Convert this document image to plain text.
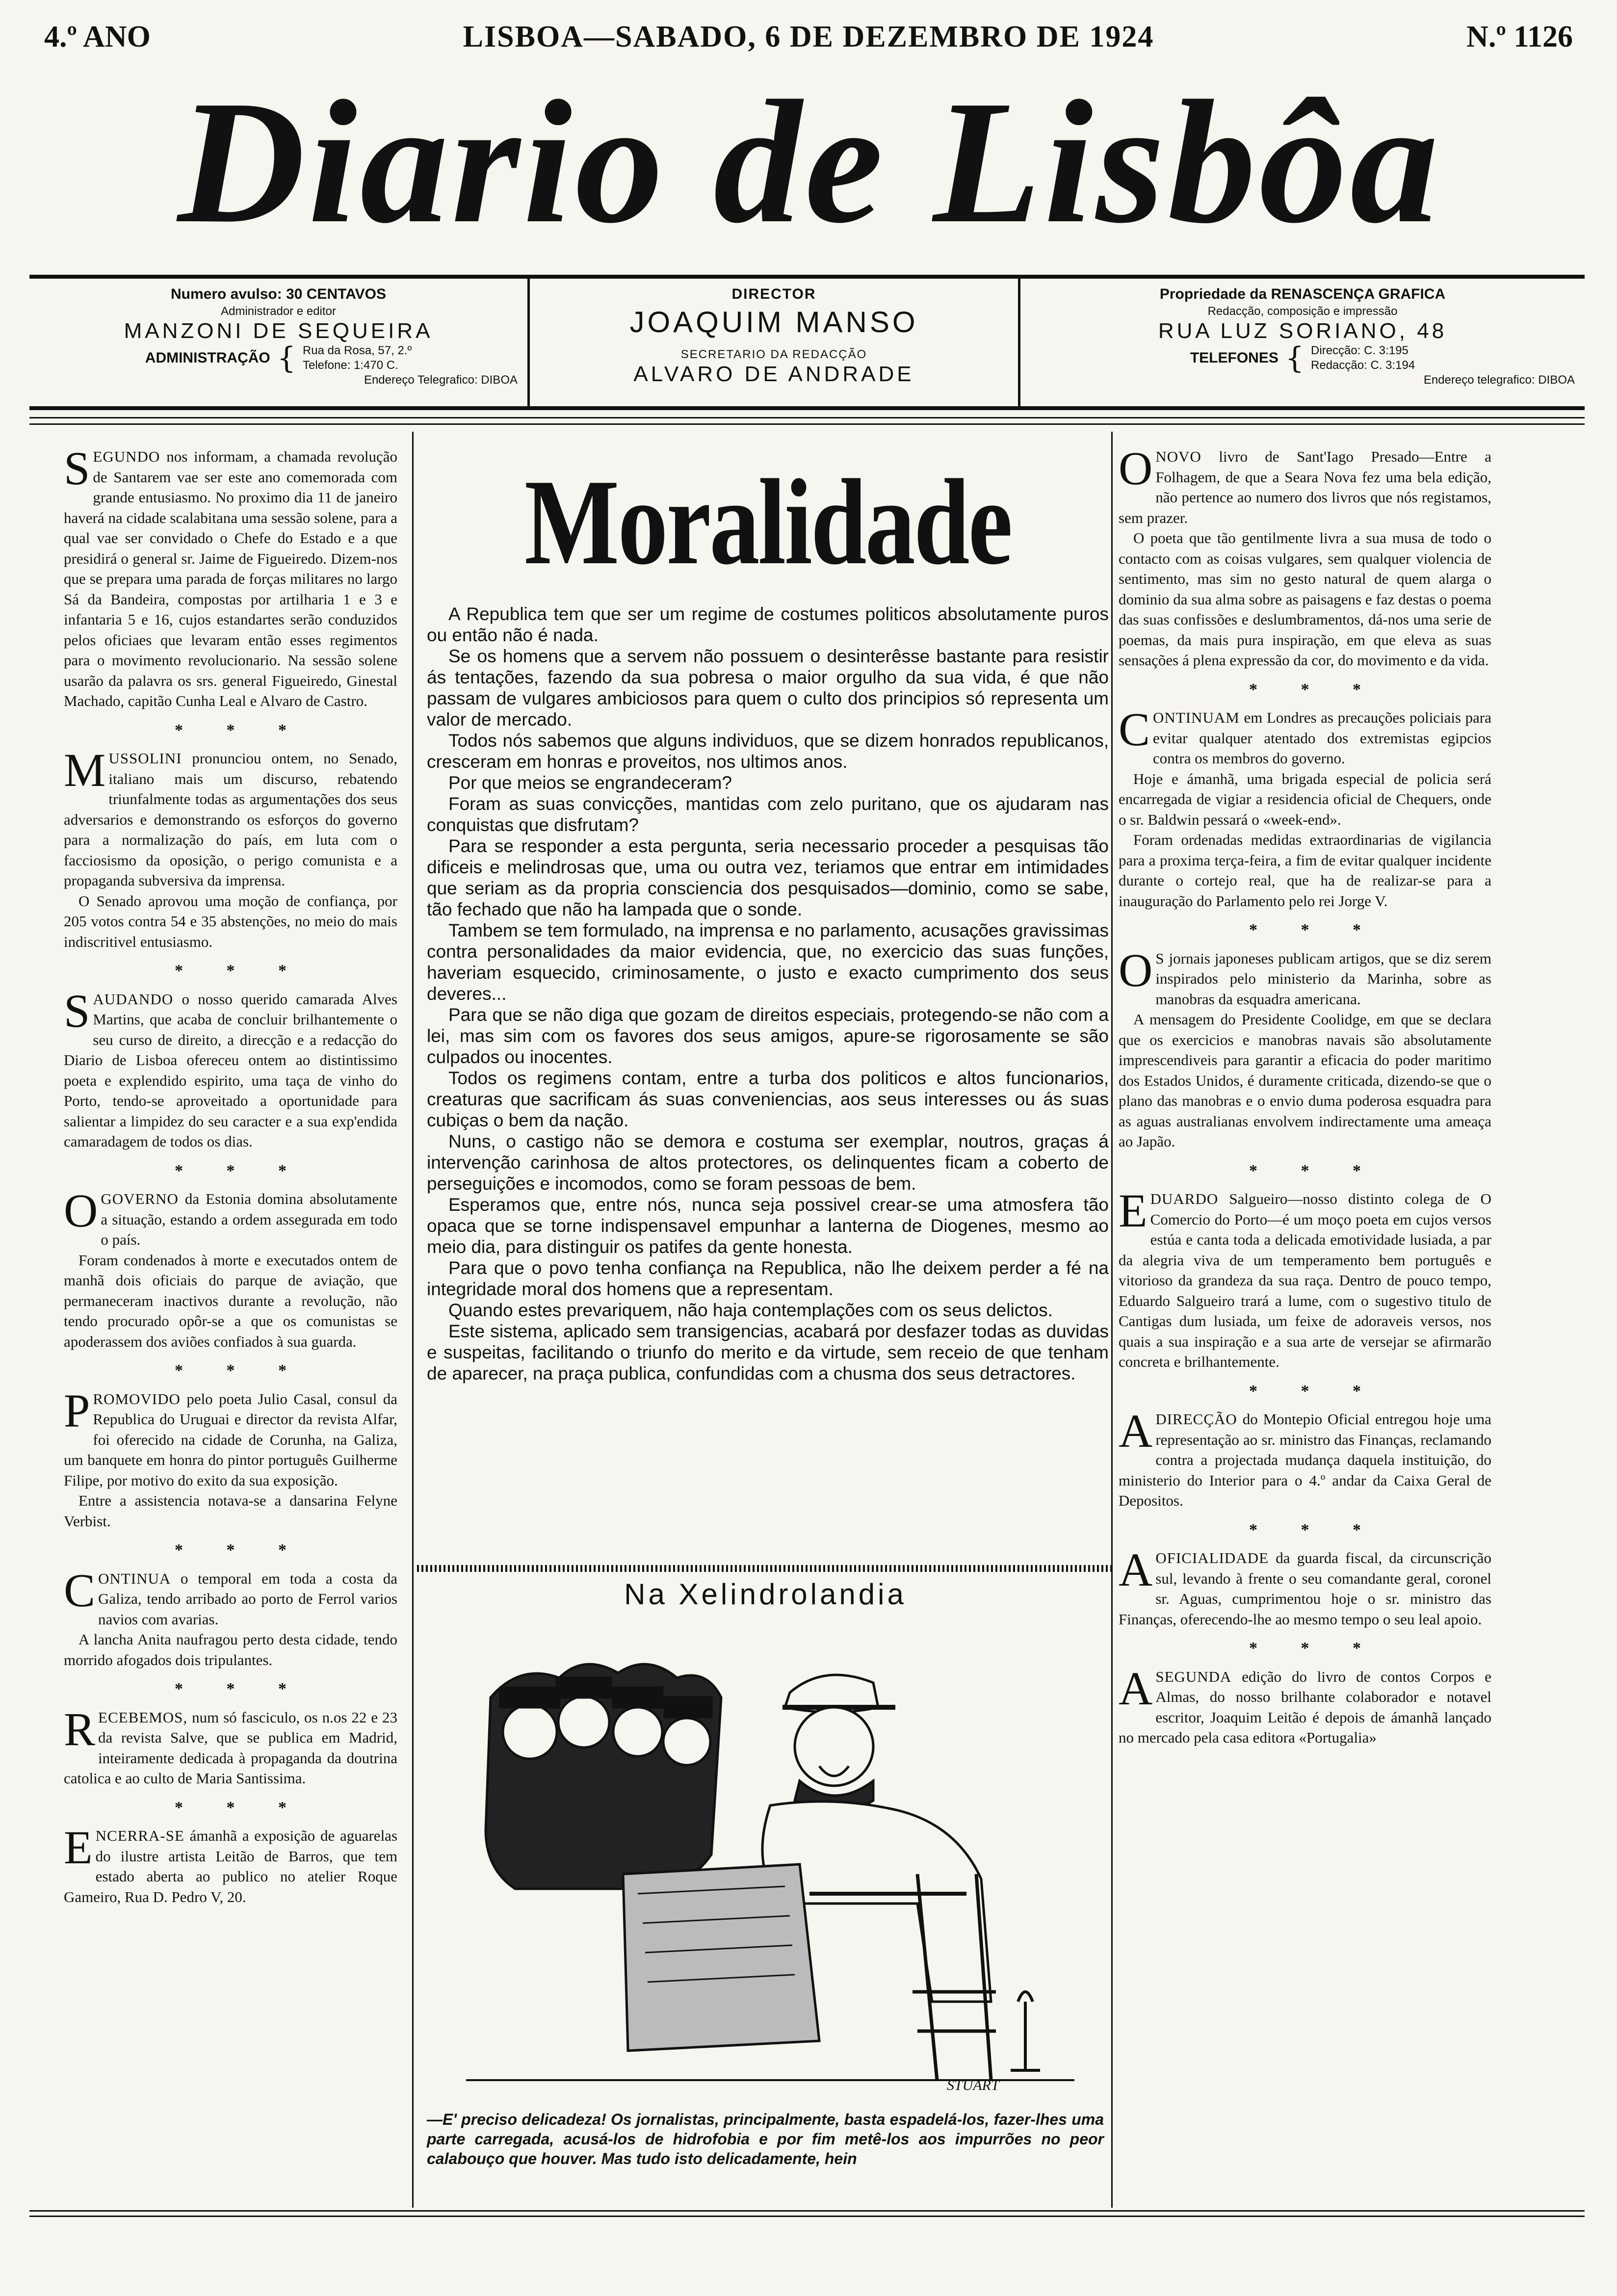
4.º ANO	LISBOA—SABADO, 6 DE DEZEMBRO DE 1924	N.º 1126
Diario de Lisbôa
Numero avulso: 30 CENTAVOS
Administrador e editor
MANZONI DE SEQUEIRA
ADMINISTRAÇÃO { Rua da Rosa, 57, 2.º
Telefone: 1:470 C.
Endereço Telegrafico: DIBOA
DIRECTOR
JOAQUIM MANSO
SECRETARIO DA REDACÇÃO
ALVARO DE ANDRADE
Propriedade da RENASCENÇA GRAFICA
Redacção, composição e impressão
RUA LUZ SORIANO, 48
TELEFONES { Direcção: C. 3:195
Redacção: C. 3:194
Endereço telegrafico: DIBOA

SEGUNDO nos informam, a chamada revolução de Santarem vae ser este ano comemorada com grande entusiasmo. No proximo dia 11 de janeiro haverá na cidade scalabitana uma sessão solene, para a qual vae ser convidado o Chefe do Estado e a que presidirá o general sr. Jaime de Figueiredo. Dizem-nos que se prepara uma parada de forças militares no largo Sá da Bandeira, compostas por artilharia 1 e 3 e infantaria 5 e 16, cujos estandartes serão conduzidos pelos oficiaes que levaram então esses regimentos para o movimento revolucionario. Na sessão solene usarão da palavra os srs. general Figueiredo, Ginestal Machado, capitão Cunha Leal e Alvaro de Castro.

* * *

MUSSOLINI pronunciou ontem, no Senado, italiano mais um discurso, rebatendo triunfalmente todas as argumentações dos seus adversarios e demonstrando os esforços do governo para a normalização do país, em luta com o facciosismo da oposição, o perigo comunista e a propaganda subversiva da imprensa.

O Senado aprovou uma moção de confiança, por 205 votos contra 54 e 35 abstenções, no meio do mais indiscritivel entusiasmo.

* * *

SAUDANDO o nosso querido camarada Alves Martins, que acaba de concluir brilhantemente o seu curso de direito, a direcção e a redacção do Diario de Lisboa ofereceu ontem ao distintissimo poeta e explendido espirito, uma taça de vinho do Porto, tendo-se aproveitado a oportunidade para salientar a limpidez do seu caracter e a sua exp'endida camaradagem de todos os dias.

* * *

OGOVERNO da Estonia domina absolutamente a situação, estando a ordem assegurada em todo o país.

Foram condenados à morte e executados ontem de manhã dois oficiais do parque de aviação, que permaneceram inactivos durante a revolução, não tendo procurado opôr-se a que os comunistas se apoderassem dos aviões confiados à sua guarda.

* * *

PROMOVIDO pelo poeta Julio Casal, consul da Republica do Uruguai e director da revista Alfar, foi oferecido na cidade de Corunha, na Galiza, um banquete em honra do pintor português Guilherme Filipe, por motivo do exito da sua exposição.

Entre a assistencia notava-se a dansarina Felyne Verbist.

* * *

CONTINUA o temporal em toda a costa da Galiza, tendo arribado ao porto de Ferrol varios navios com avarias.

A lancha Anita naufragou perto desta cidade, tendo morrido afogados dois tripulantes.

* * *

RECEBEMOS, num só fasciculo, os n.os 22 e 23 da revista Salve, que se publica em Madrid, inteiramente dedicada à propaganda da doutrina catolica e ao culto de Maria Santissima.

* * *

ENCERRA-SE ámanhã a exposição de aguarelas do ilustre artista Leitão de Barros, que tem estado aberta ao publico no atelier Roque Gameiro, Rua D. Pedro V, 20.

Moralidade

A Republica tem que ser um regime de costumes politicos absolutamente puros ou então não é nada.

Se os homens que a servem não possuem o desinterêsse bastante para resistir ás tentações, fazendo da sua pobresa o maior orgulho da sua vida, é que não passam de vulgares ambiciosos para quem o culto dos principios só representa um valor de mercado.

Todos nós sabemos que alguns individuos, que se dizem honrados republicanos, cresceram em honras e proveitos, nos ultimos anos.

Por que meios se engrandeceram?

Foram as suas convicções, mantidas com zelo puritano, que os ajudaram nas conquistas que disfrutam?

Para se responder a esta pergunta, seria necessario proceder a pesquisas tão dificeis e melindrosas que, uma ou outra vez, teriamos que entrar em intimidades que seriam as da propria consciencia dos pesquisados—dominio, como se sabe, tão fechado que não ha lampada que o sonde.

Tambem se tem formulado, na imprensa e no parlamento, acusações gravissimas contra personalidades da maior evidencia, que, no exercicio das suas funções, haveriam esquecido, criminosamente, o justo e exacto cumprimento dos seus deveres...

Para que se não diga que gozam de direitos especiais, protegendo-se não com a lei, mas sim com os favores dos seus amigos, apure-se rigorosamente se são culpados ou inocentes.

Todos os regimens contam, entre a turba dos politicos e altos funcionarios, creaturas que sacrificam ás suas conveniencias, aos seus interesses ou ás suas cubiças o bem da nação.

Nuns, o castigo não se demora e costuma ser exemplar, noutros, graças á intervenção carinhosa de altos protectores, os delinquentes ficam a coberto de perseguições e incomodos, como se foram pessoas de bem.

Esperamos que, entre nós, nunca seja possivel crear-se uma atmosfera tão opaca que se torne indispensavel empunhar a lanterna de Diogenes, mesmo ao meio dia, para distinguir os patifes da gente honesta.

Para que o povo tenha confiança na Republica, não lhe deixem perder a fé na integridade moral dos homens que a representam.

Quando estes prevariquem, não haja contemplações com os seus delictos.

Este sistema, aplicado sem transigencias, acabará por desfazer todas as duvidas e suspeitas, facilitando o triunfo do merito e da virtude, sem receio de que tenham de aparecer, na praça publica, confundidas com a chusma dos seus detractores.

Na Xelindrolandia
STUART
—E' preciso delicadeza! Os jornalistas, principalmente, basta espadelá-los, fazer-lhes uma parte carregada, acusá-los de hidrofobia e por fim metê-los aos impurrões no peor calabouço que houver. Mas tudo isto delicadamente, hein

ONOVO livro de Sant'Iago Presado—Entre a Folhagem, de que a Seara Nova fez uma bela edição, não pertence ao numero dos livros que nós registamos, sem prazer.

O poeta que tão gentilmente livra a sua musa de todo o contacto com as coisas vulgares, sem qualquer violencia de sentimento, mas sim no gesto natural de quem alarga o dominio da sua alma sobre as paisagens e faz destas o poema das suas confissões e deslumbramentos, dá-nos uma serie de poemas, da mais pura inspiração, em que eleva as suas sensações á plena expressão da cor, do movimento e da vida.

* * *

CONTINUAM em Londres as precauções policiais para evitar qualquer atentado dos extremistas egipcios contra os membros do governo.

Hoje e ámanhã, uma brigada especial de policia será encarregada de vigiar a residencia oficial de Chequers, onde o sr. Baldwin pessará o «week-end».

Foram ordenadas medidas extraordinarias de vigilancia para a proxima terça-feira, a fim de evitar qualquer incidente durante o cortejo real, que ha de realizar-se para a inauguração do Parlamento pelo rei Jorge V.

* * *

O S jornais japoneses publicam artigos, que se diz serem inspirados pelo ministerio da Marinha, sobre as manobras da esquadra americana.

A mensagem do Presidente Coolidge, em que se declara que os exercicios e manobras navais são absolutamente imprescendiveis para garantir a eficacia do poder maritimo dos Estados Unidos, é duramente criticada, dizendo-se que o plano das manobras e o envio duma poderosa esquadra para as aguas australianas envolvem indirectamente uma ameaça ao Japão.

* * *

EDUARDO Salgueiro—nosso distinto colega de O Comercio do Porto—é um moço poeta em cujos versos estúa e canta toda a delicada emotividade lusiada, a par da alegria viva de um temperamento bem português e vitorioso da grandeza da sua raça. Dentro de pouco tempo, Eduardo Salgueiro trará a lume, com o sugestivo titulo de Cantigas dum lusiada, um feixe de adoraveis versos, nos quais a sua inspiração e a sua arte de versejar se afirmarão concreta e brilhantemente.

* * *

ADIRECÇÃO do Montepio Oficial entregou hoje uma representação ao sr. ministro das Finanças, reclamando contra a projectada mudança daquela instituição, do ministerio do Interior para o 4.º andar da Caixa Geral de Depositos.

* * *

AOFICIALIDADE da guarda fiscal, da circunscrição sul, levando à frente o seu comandante geral, coronel sr. Aguas, cumprimentou hoje o sr. ministro das Finanças, oferecendo-lhe ao mesmo tempo o seu leal apoio.

* * *

ASEGUNDA edição do livro de contos Corpos e Almas, do nosso brilhante colaborador e notavel escritor, Joaquim Leitão é depois de ámanhã lançado no mercado pela casa editora «Portugalia»
